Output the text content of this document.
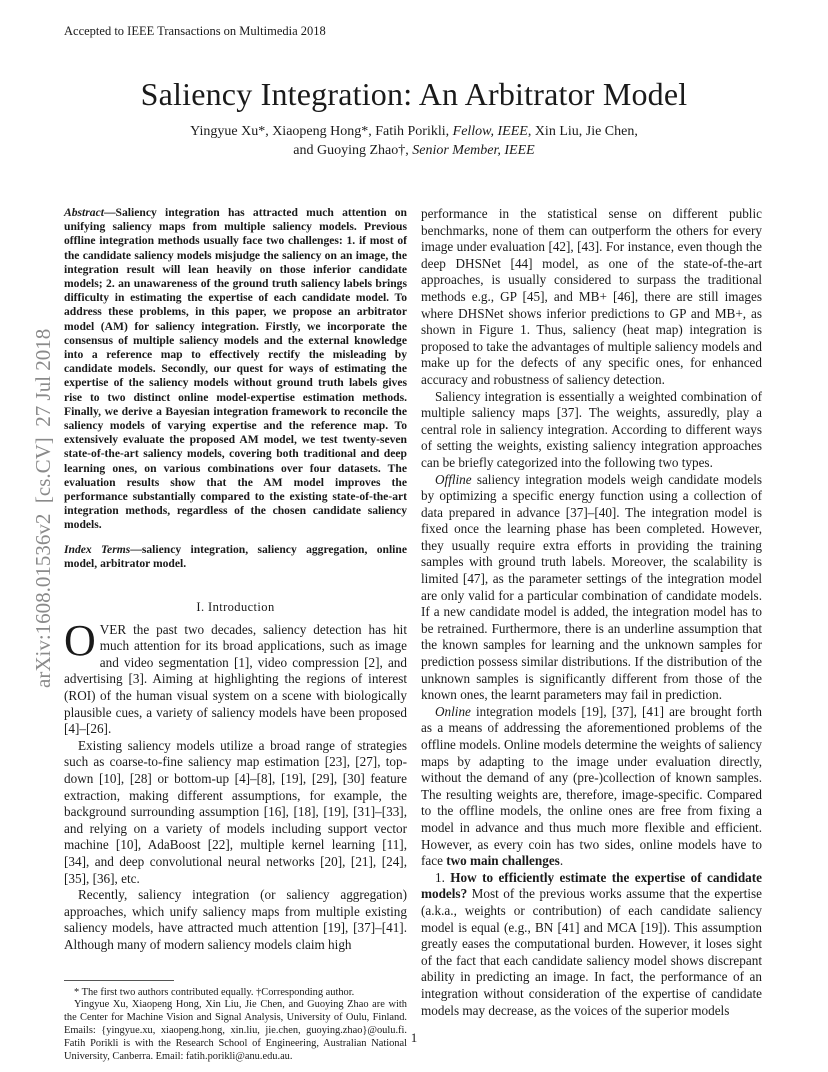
Accepted to IEEE Transactions on Multimedia 2018
Saliency Integration: An Arbitrator Model
Yingyue Xu*, Xiaopeng Hong*, Fatih Porikli, Fellow, IEEE, Xin Liu, Jie Chen,
and Guoying Zhao†, Senior Member, IEEE
arXiv:1608.01536v2  [cs.CV]  27 Jul 2018
Abstract—Saliency integration has attracted much attention on unifying saliency maps from multiple saliency models. Previous offline integration methods usually face two challenges: 1. if most of the candidate saliency models misjudge the saliency on an image, the integration result will lean heavily on those inferior candidate models; 2. an unawareness of the ground truth saliency labels brings difficulty in estimating the expertise of each candidate model. To address these problems, in this paper, we propose an arbitrator model (AM) for saliency integration. Firstly, we incorporate the consensus of multiple saliency models and the external knowledge into a reference map to effectively rectify the misleading by candidate models. Secondly, our quest for ways of estimating the expertise of the saliency models without ground truth labels gives rise to two distinct online model-expertise estimation methods. Finally, we derive a Bayesian integration framework to reconcile the saliency models of varying expertise and the reference map. To extensively evaluate the proposed AM model, we test twenty-seven state-of-the-art saliency models, covering both traditional and deep learning ones, on various combinations over four datasets. The evaluation results show that the AM model improves the performance substantially compared to the existing state-of-the-art integration methods, regardless of the chosen candidate saliency models.
Index Terms—saliency integration, saliency aggregation, online model, arbitrator model.
I. Introduction

OVER the past two decades, saliency detection has hit much attention for its broad applications, such as image and video segmentation [1], video compression [2], and advertising [3]. Aiming at highlighting the regions of interest (ROI) of the human visual system on a scene with biologically plausible cues, a variety of saliency models have been proposed [4]–[26].

Existing saliency models utilize a broad range of strategies such as coarse-to-fine saliency map estimation [23], [27], top-down [10], [28] or bottom-up [4]–[8], [19], [29], [30] feature extraction, making different assumptions, for example, the background surrounding assumption [16], [18], [19], [31]–[33], and relying on a variety of models including support vector machine [10], AdaBoost [22], multiple kernel learning [11], [34], and deep convolutional neural networks [20], [21], [24], [35], [36], etc.

Recently, saliency integration (or saliency aggregation) approaches, which unify saliency maps from multiple existing saliency models, have attracted much attention [19], [37]–[41]. Although many of modern saliency models claim high

* The first two authors contributed equally. †Corresponding author.

Yingyue Xu, Xiaopeng Hong, Xin Liu, Jie Chen, and Guoying Zhao are with the Center for Machine Vision and Signal Analysis, University of Oulu, Finland. Emails: {yingyue.xu, xiaopeng.hong, xin.liu, jie.chen, guoying.zhao}@oulu.fi. Fatih Porikli is with the Research School of Engineering, Australian National University, Canberra. Email: fatih.porikli@anu.edu.au.

performance in the statistical sense on different public benchmarks, none of them can outperform the others for every image under evaluation [42], [43]. For instance, even though the deep DHSNet [44] model, as one of the state-of-the-art approaches, is usually considered to surpass the traditional methods e.g., GP [45], and MB+ [46], there are still images where DHSNet shows inferior predictions to GP and MB+, as shown in Figure 1. Thus, saliency (heat map) integration is proposed to take the advantages of multiple saliency models and make up for the defects of any specific ones, for enhanced accuracy and robustness of saliency detection.

Saliency integration is essentially a weighted combination of multiple saliency maps [37]. The weights, assuredly, play a central role in saliency integration. According to different ways of setting the weights, existing saliency integration approaches can be briefly categorized into the following two types.

Offline saliency integration models weigh candidate models by optimizing a specific energy function using a collection of data prepared in advance [37]–[40]. The integration model is fixed once the learning phase has been completed. However, they usually require extra efforts in providing the training samples with ground truth labels. Moreover, the scalability is limited [47], as the parameter settings of the integration model are only valid for a particular combination of candidate models. If a new candidate model is added, the integration model has to be retrained. Furthermore, there is an underline assumption that the known samples for learning and the unknown samples for prediction possess similar distributions. If the distribution of the unknown samples is significantly different from those of the known ones, the learnt parameters may fail in prediction.

Online integration models [19], [37], [41] are brought forth as a means of addressing the aforementioned problems of the offline models. Online models determine the weights of saliency maps by adapting to the image under evaluation directly, without the demand of any (pre-)collection of known samples. The resulting weights are, therefore, image-specific. Compared to the offline models, the online ones are free from fixing a model in advance and thus much more flexible and efficient. However, as every coin has two sides, online models have to face two main challenges.

1. How to efficiently estimate the expertise of candidate models? Most of the previous works assume that the expertise (a.k.a., weights or contribution) of each candidate saliency model is equal (e.g., BN [41] and MCA [19]). This assumption greatly eases the computational burden. However, it loses sight of the fact that each candidate saliency model shows discrepant ability in predicting an image. In fact, the performance of an integration without consideration of the expertise of candidate models may decrease, as the voices of the superior models

1
